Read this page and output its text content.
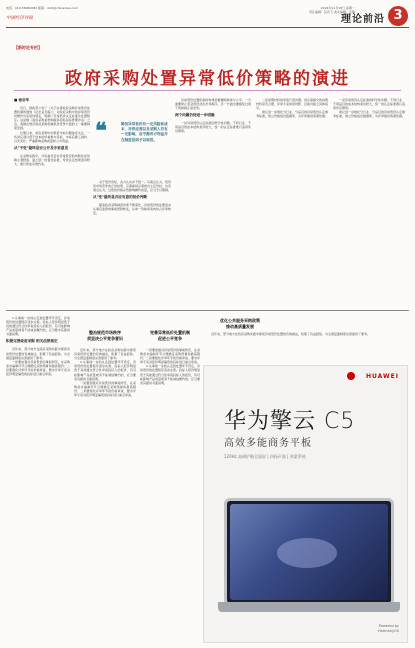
电话：010-58060082 邮箱：dxzl@chinaidea.com
中国经济导报
2024年11月18日 星期一
责任编辑：张若飞 美术编辑：张静
理论前沿 3
【新时论专栏】
政府采购处置异常低价策略的演进
■ 徐启华

近日，财政部公布了《关于完善政府采购异常低价处置机制的通知（征求意见稿）》，对政府采购中的异常低价问题作出系统性规定，明确了异常低价认定标准及处置程序。这是继《政府采购货物和服务招标投标管理办法》之后，我国在规范政府采购领域低价竞争方面的又一重要制度安排。

长期以来，政府采购中的低价中标问题备受关注，一些供应商以低于成本的价格参与投标，中标后偷工减料、以次充好，严重影响采购质量和公共利益。

从"不变"最终是否公开及专家意见

在采购实践中，评标委员会对异常低价的判断往往依赖主观经验，缺乏统一的量化标准，导致认定结果差异较大，难以形成有效约束。

❝	降低异常低价有一定风险和成本，对供应商以及采购人均有一定影响，应平衡各方利益并在制度层面予以规范。

对于低价竞标，各方认识并不统一。有观点认为，低价是市场竞争的正常结果，应尊重供应商的自主定价权；也有观点认为，过低的价格必然影响履约质量，应当予以限制。

从"变"最终是否应有意的低价判断

随着政府采购制度改革不断深化，异常低价的处置逐步从事后监管向事前预防转变，从单一价格审查向综合评审转变。

异常低价处置机制的构建需要兼顾效率与公平。一方面要防止恶意低价扰乱市场秩序，另一方面也要避免过度干预抑制正常竞争。

两个问题仍待进一步明确

一是异常低价认定标准的科学性问题。不同行业、不同品目的成本结构差异较大，统一的认定标准难以适用所有情形。

二是说明材料的审查尺度问题。供应商提交的说明材料是否合理，评审专家如何判断，目前仍缺乏具体指引。

建议进一步细化分行业、分品目的异常低价认定参考标准，建立价格信息数据库，为评审提供客观依据。

一是异常低价认定标准的科学性问题。不同行业、不同品目的成本结构差异较大，统一的认定标准难以适用所有情形。

建议进一步细化分行业、分品目的异常低价认定参考标准，建立价格信息数据库，为评审提供客观依据。

1.从事前一步的认定到处置环节设定，异常低价的处置程序逐步完善。投标人报价明显低于其他通过符合性审查投标人的报价，有可能影响产品质量或者不能诚信履约的，应当要求其提供书面说明。

积极完善政府采购 相关法律规定

近年来，部分地方在政府采购实践中探索异常低价处置的有效做法，积累了有益经验，为全国层面制度完善提供了参考。

一是要加强对异常低价的事前防范，在采购需求编制环节合理确定采购预算和最高限价；二是要强化评审环节的价格审查，要求评审专家对报价明显偏低的投标进行重点审查。

整治规范市场秩序
须坚决公平竞争意识

近年来，部分地方在政府采购实践中探索异常低价处置的有效做法，积累了有益经验，为全国层面制度完善提供了参考。

1.从事前一步的认定到处置环节设定，异常低价的处置程序逐步完善。投标人报价明显低于其他通过符合性审查投标人的报价，有可能影响产品质量或者不能诚信履约的，应当要求其提供书面说明。

一是要加强对异常低价的事前防范，在采购需求编制环节合理确定采购预算和最高限价；二是要强化评审环节的价格审查，要求评审专家对报价明显偏低的投标进行重点审查。

完善异常低价处置机制
促进公平竞争

一是要加强对异常低价的事前防范，在采购需求编制环节合理确定采购预算和最高限价；二是要强化评审环节的价格审查，要求评审专家对报价明显偏低的投标进行重点审查。

1.从事前一步的认定到处置环节设定，异常低价的处置程序逐步完善。投标人报价明显低于其他通过符合性审查投标人的报价，有可能影响产品质量或者不能诚信履约的，应当要求其提供书面说明。

优化公共服务采购政策
推动高质量发展

近年来，部分地方在政府采购实践中探索异常低价处置的有效做法，积累了有益经验，为全国层面制度完善提供了参考。

HUAWEI
华为擎云 C5
高效多能商务平板
120Hz 高刷护眼全面屏 | 四扬声器 | 鸿蒙系统
Powered by
HarmonyOS
